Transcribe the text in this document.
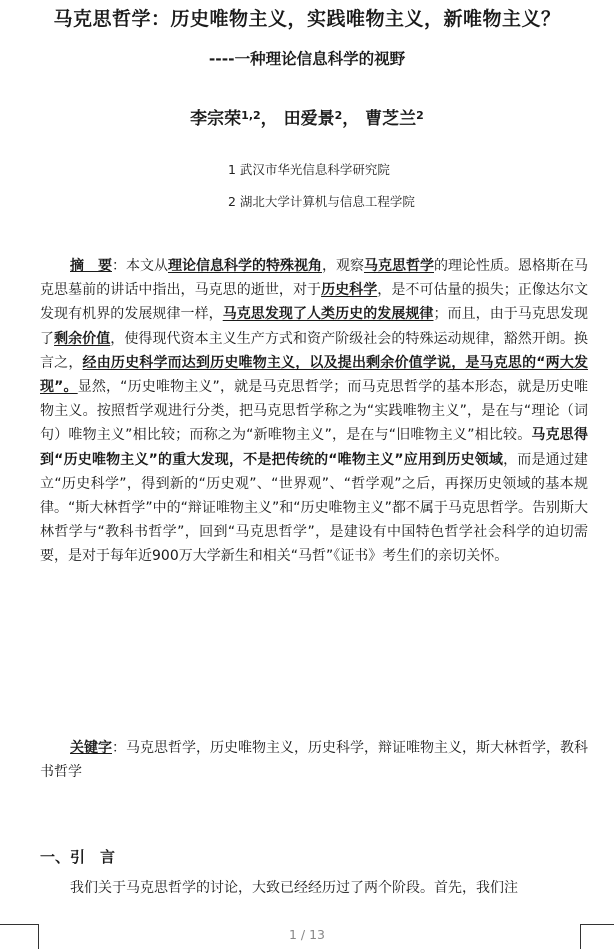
马克思哲学：历史唯物主义，实践唯物主义，新唯物主义？
----一种理论信息科学的视野
李宗荣$^{1,2}$， 田爱景$^2$， 曹芝兰$^2$
1 武汉市华光信息科学研究院
2 湖北大学计算机与信息工程学院
摘　要：本文从理论信息科学的特殊视角，观察马克思哲学的理论性质。恩格斯在马克思墓前的讲话中指出，马克思的逝世，对于历史科学，是不可估量的损失；正像达尔文发现有机界的发展规律一样，马克思发现了人类历史的发展规律；而且，由于马克思发现了剩余价值，使得现代资本主义生产方式和资产阶级社会的特殊运动规律，豁然开朗。换言之，经由历史科学而达到历史唯物主义，以及提出剩余价值学说，是马克思的“两大发现”。显然，“历史唯物主义”，就是马克思哲学；而马克思哲学的基本形态，就是历史唯物主义。按照哲学观进行分类，把马克思哲学称之为“实践唯物主义”，是在与“理论（词句）唯物主义”相比较；而称之为“新唯物主义”，是在与“旧唯物主义”相比较。马克思得到“历史唯物主义”的重大发现，不是把传统的“唯物主义”应用到历史领域，而是通过建立“历史科学”，得到新的“历史观”、“世界观”、“哲学观”之后，再探历史领域的基本规律。“斯大林哲学”中的“辩证唯物主义”和“历史唯物主义”都不属于马克思哲学。告别斯大林哲学与“教科书哲学”，回到“马克思哲学”，是建设有中国特色哲学社会科学的迫切需要，是对于每年近900万大学新生和相关“马哲”《证书》考生们的亲切关怀。
关键字：马克思哲学，历史唯物主义，历史科学，辩证唯物主义，斯大林哲学，教科书哲学
一、引　言
我们关于马克思哲学的讨论，大致已经经历过了两个阶段。首先，我们注
1 / 13
